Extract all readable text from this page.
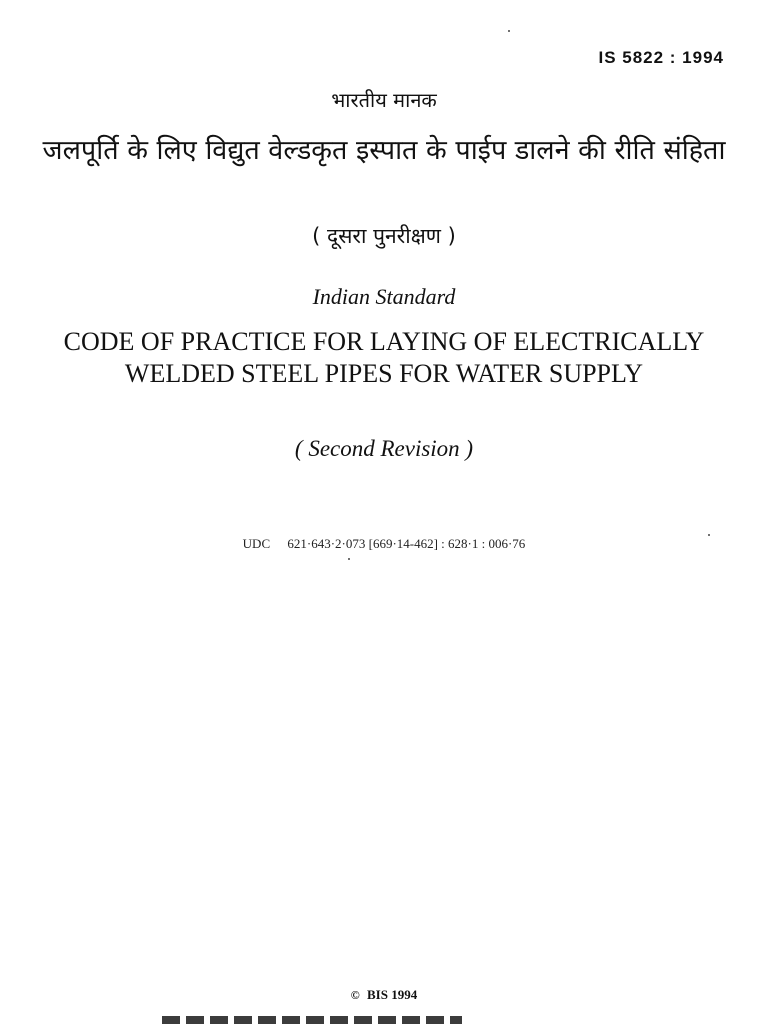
IS 5822 : 1994
भारतीय मानक
जलपूर्ति के लिए विद्युत वेल्डकृत इस्पात के पाईप डालने की रीति संहिता
( दूसरा पुनरीक्षण )
Indian Standard
CODE OF PRACTICE FOR LAYING OF ELECTRICALLY WELDED STEEL PIPES FOR WATER SUPPLY
( Second Revision )
UDC 621·643·2·073 [669·14-462] : 628·1 : 006·76
© BIS 1994
